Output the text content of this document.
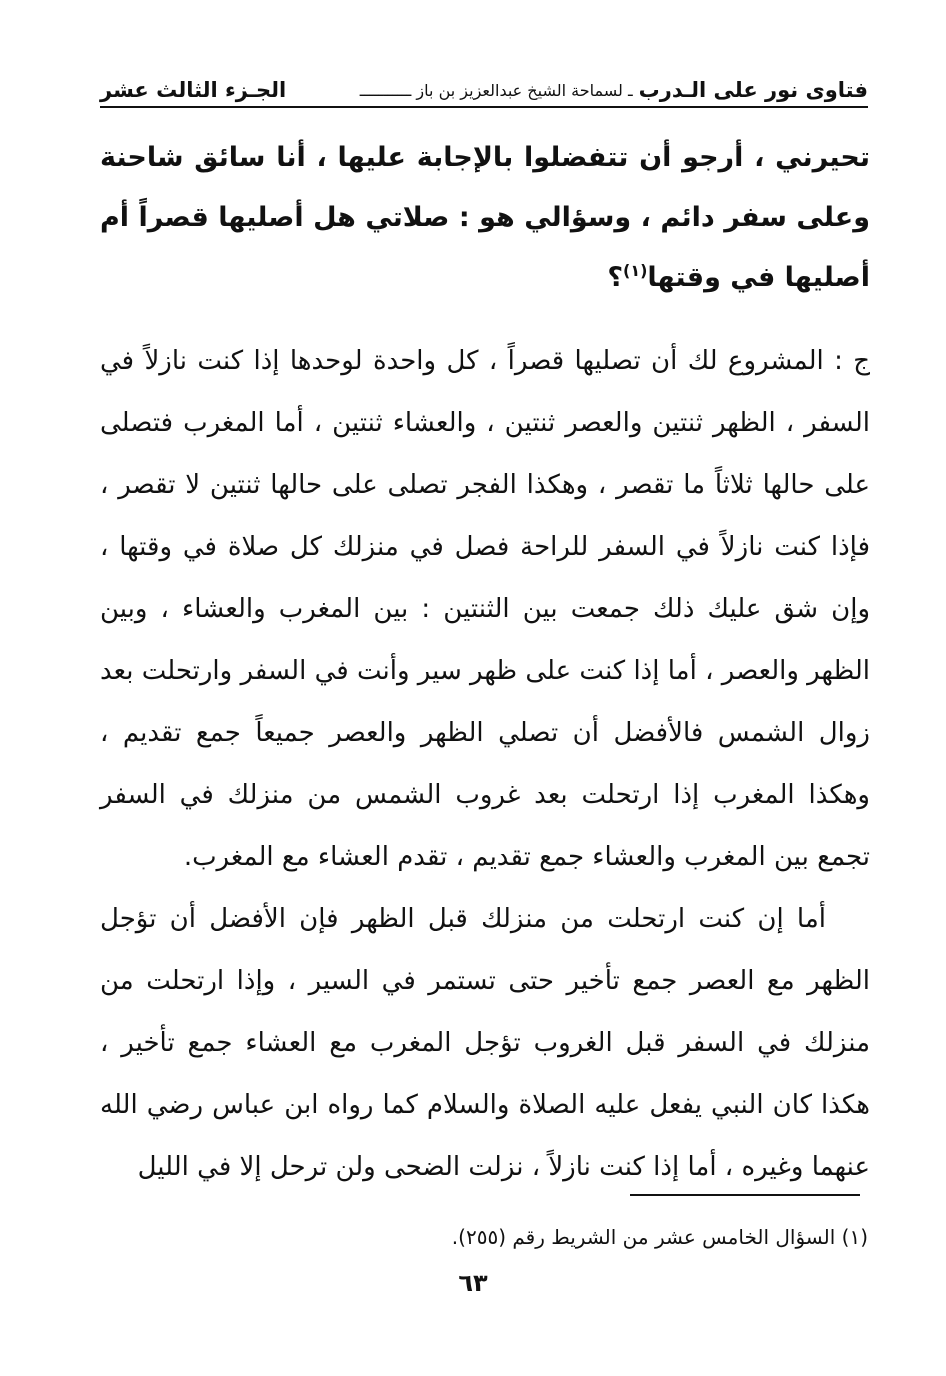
فتاوى نور على الـدرب
ـ لسماحة الشيخ عبدالعزيز بن باز ـــــــــــ
الجـزء الثالث عشر
تحيرني ، أرجو أن تتفضلوا بالإجابة عليها ، أنا سائق شاحنة وعلى سفر دائم ، وسؤالي هو : صلاتي هل أصليها قصراً أم أصليها في وقتها$^{(١)}$؟

ج : المشروع لك أن تصليها قصراً ، كل واحدة لوحدها إذا كنت نازلاً في السفر ، الظهر ثنتين والعصر ثنتين ، والعشاء ثنتين ، أما المغرب فتصلى على حالها ثلاثاً ما تقصر ، وهكذا الفجر تصلى على حالها ثنتين لا تقصر ، فإذا كنت نازلاً في السفر للراحة فصل في منزلك كل صلاة في وقتها ، وإن شق عليك ذلك جمعت بين الثنتين : بين المغرب والعشاء ، وبين الظهر والعصر ، أما إذا كنت على ظهر سير وأنت في السفر وارتحلت بعد زوال الشمس فالأفضل أن تصلي الظهر والعصر جميعاً جمع تقديم ، وهكذا المغرب إذا ارتحلت بعد غروب الشمس من منزلك في السفر تجمع بين المغرب والعشاء جمع تقديم ، تقدم العشاء مع المغرب.

أما إن كنت ارتحلت من منزلك قبل الظهر فإن الأفضل أن تؤجل الظهر مع العصر جمع تأخير حتى تستمر في السير ، وإذا ارتحلت من منزلك في السفر قبل الغروب تؤجل المغرب مع العشاء جمع تأخير ، هكذا كان النبي يفعل عليه الصلاة والسلام كما رواه ابن عباس رضي الله عنهما وغيره ، أما إذا كنت نازلاً ، نزلت الضحى ولن ترحل إلا في الليل

(١) السؤال الخامس عشر من الشريط رقم (٢٥٥).
٦٣
